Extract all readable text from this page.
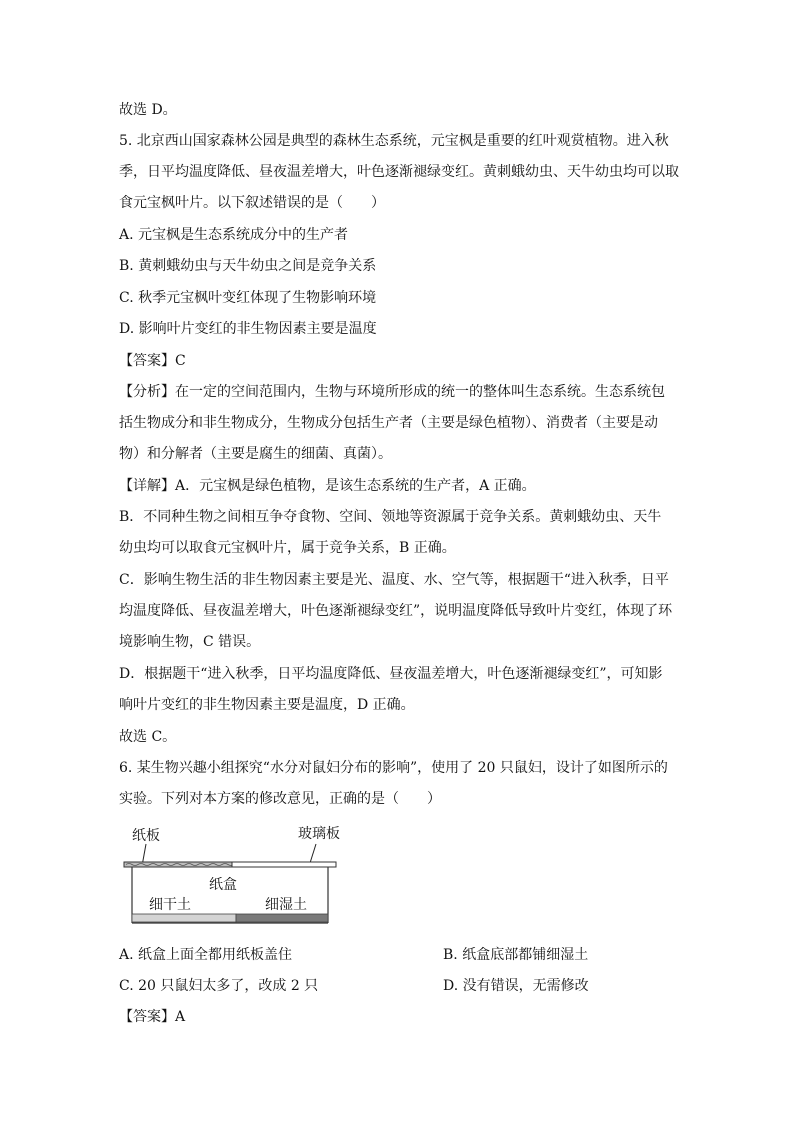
故选 D。
5. 北京西山国家森林公园是典型的森林生态系统，元宝枫是重要的红叶观赏植物。进入秋
季，日平均温度降低、昼夜温差增大，叶色逐渐褪绿变红。黄刺蛾幼虫、天牛幼虫均可以取
食元宝枫叶片。以下叙述错误的是（　　）
A. 元宝枫是生态系统成分中的生产者
B. 黄刺蛾幼虫与天牛幼虫之间是竞争关系
C. 秋季元宝枫叶变红体现了生物影响环境
D. 影响叶片变红的非生物因素主要是温度
【答案】C
【分析】在一定的空间范围内，生物与环境所形成的统一的整体叫生态系统。生态系统包
括生物成分和非生物成分，生物成分包括生产者（主要是绿色植物）、消费者（主要是动
物）和分解者（主要是腐生的细菌、真菌）。
【详解】A．元宝枫是绿色植物，是该生态系统的生产者，A 正确。
B．不同种生物之间相互争夺食物、空间、领地等资源属于竞争关系。黄刺蛾幼虫、天牛
幼虫均可以取食元宝枫叶片，属于竞争关系，B 正确。
C．影响生物生活的非生物因素主要是光、温度、水、空气等，根据题干“进入秋季，日平
均温度降低、昼夜温差增大，叶色逐渐褪绿变红”，说明温度降低导致叶片变红，体现了环
境影响生物，C 错误。
D．根据题干“进入秋季，日平均温度降低、昼夜温差增大，叶色逐渐褪绿变红”，可知影
响叶片变红的非生物因素主要是温度，D 正确。
故选 C。
6. 某生物兴趣小组探究“水分对鼠妇分布的影响”，使用了 20 只鼠妇，设计了如图所示的
实验。下列对本方案的修改意见，正确的是（　　）
纸板	玻璃板
纸盒
细干土	细湿土
A. 纸盒上面全都用纸板盖住	B. 纸盒底部都铺细湿土
C. 20 只鼠妇太多了，改成 2 只	D. 没有错误，无需修改
【答案】A
